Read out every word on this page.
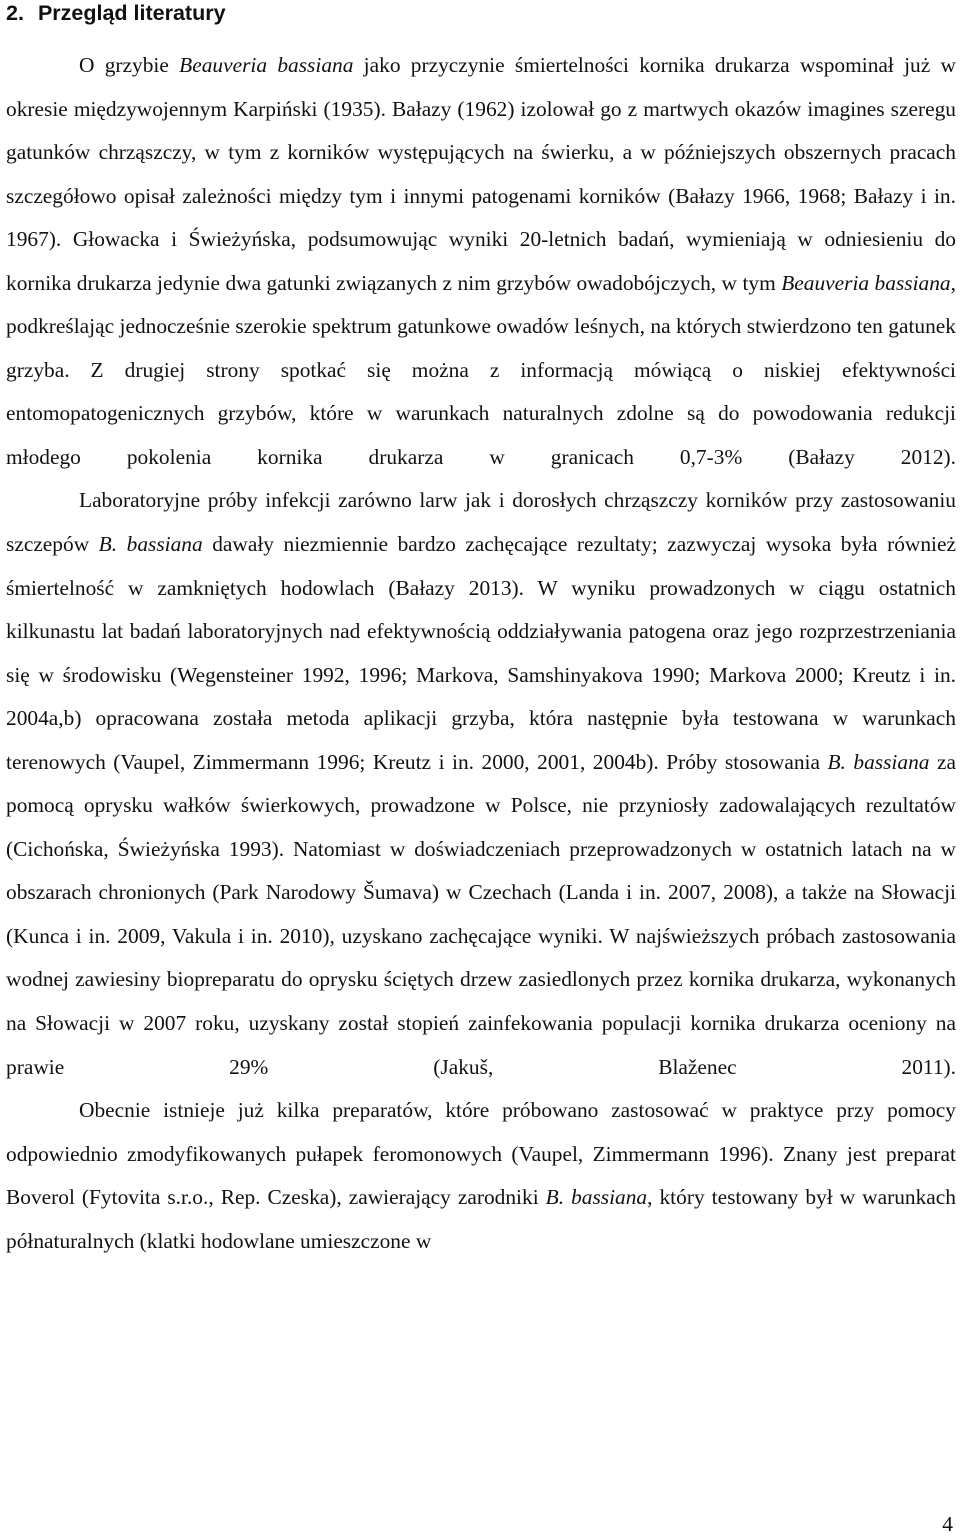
2. Przegląd literatury

O grzybie Beauveria bassiana jako przyczynie śmiertelności kornika drukarza wspominał już w okresie międzywojennym Karpiński (1935). Bałazy (1962) izolował go z martwych okazów imagines szeregu gatunków chrząszczy, w tym z korników występujących na świerku, a w późniejszych obszernych pracach szczegółowo opisał zależności między tym i innymi patogenami korników (Bałazy 1966, 1968; Bałazy i in. 1967). Głowacka i Świeżyńska, podsumowując wyniki 20-letnich badań, wymieniają w odniesieniu do kornika drukarza jedynie dwa gatunki związanych z nim grzybów owadobójczych, w tym Beauveria bassiana, podkreślając jednocześnie szerokie spektrum gatunkowe owadów leśnych, na których stwierdzono ten gatunek grzyba. Z drugiej strony spotkać się można z informacją mówiącą o niskiej efektywności entomopatogenicznych grzybów, które w warunkach naturalnych zdolne są do powodowania redukcji młodego pokolenia kornika drukarza w granicach 0,7-3% (Bałazy 2012).

Laboratoryjne próby infekcji zarówno larw jak i dorosłych chrząszczy korników przy zastosowaniu szczepów B. bassiana dawały niezmiennie bardzo zachęcające rezultaty; zazwyczaj wysoka była również śmiertelność w zamkniętych hodowlach (Bałazy 2013). W wyniku prowadzonych w ciągu ostatnich kilkunastu lat badań laboratoryjnych nad efektywnością oddziaływania patogena oraz jego rozprzestrzeniania się w środowisku (Wegensteiner 1992, 1996; Markova, Samshinyakova 1990; Markova 2000; Kreutz i in. 2004a,b) opracowana została metoda aplikacji grzyba, która następnie była testowana w warunkach terenowych (Vaupel, Zimmermann 1996; Kreutz i in. 2000, 2001, 2004b). Próby stosowania B. bassiana za pomocą oprysku wałków świerkowych, prowadzone w Polsce, nie przyniosły zadowalających rezultatów (Cichońska, Świeżyńska 1993). Natomiast w doświadczeniach przeprowadzonych w ostatnich latach na w obszarach chronionych (Park Narodowy Šumava) w Czechach (Landa i in. 2007, 2008), a także na Słowacji (Kunca i in. 2009, Vakula i in. 2010), uzyskano zachęcające wyniki. W najświeższych próbach zastosowania wodnej zawiesiny biopreparatu do oprysku ściętych drzew zasiedlonych przez kornika drukarza, wykonanych na Słowacji w 2007 roku, uzyskany został stopień zainfekowania populacji kornika drukarza oceniony na prawie 29% (Jakuš, Blaženec 2011).

Obecnie istnieje już kilka preparatów, które próbowano zastosować w praktyce przy pomocy odpowiednio zmodyfikowanych pułapek feromonowych (Vaupel, Zimmermann 1996). Znany jest preparat Boverol (Fytovita s.r.o., Rep. Czeska), zawierający zarodniki B. bassiana, który testowany był w warunkach półnaturalnych (klatki hodowlane umieszczone w

4
